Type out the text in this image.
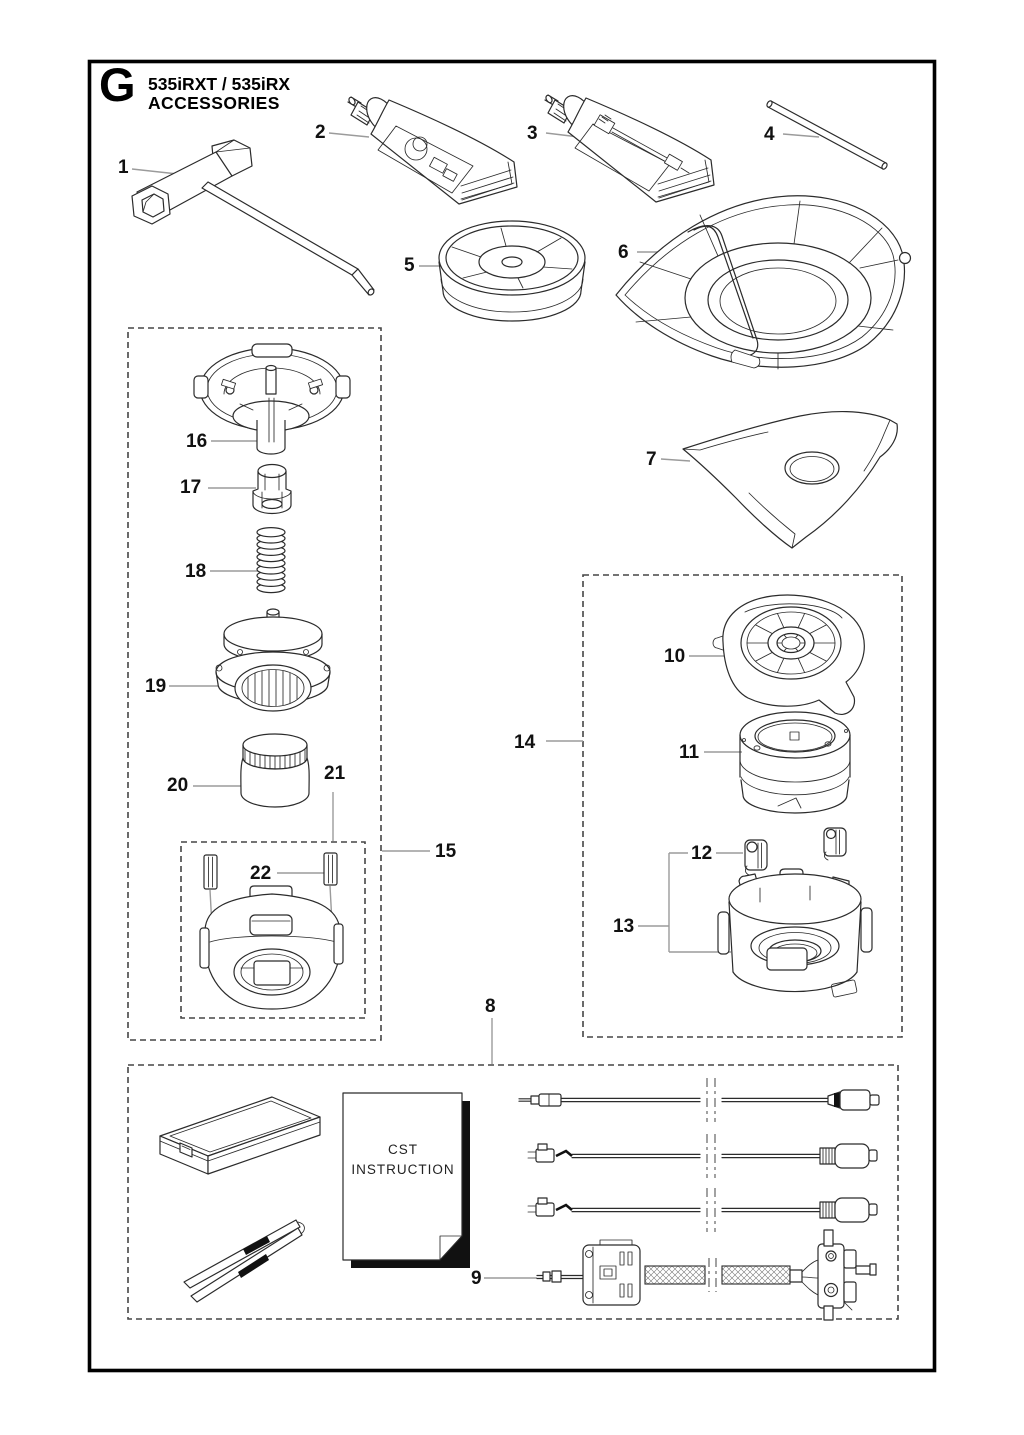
G 535iRXT / 535iRX
ACCESSORIES
CST
INSTRUCTION
1
2	3	4
5
6
7
8
9
10
11
12
13
14
15
16
17
18
19
20
21
22
